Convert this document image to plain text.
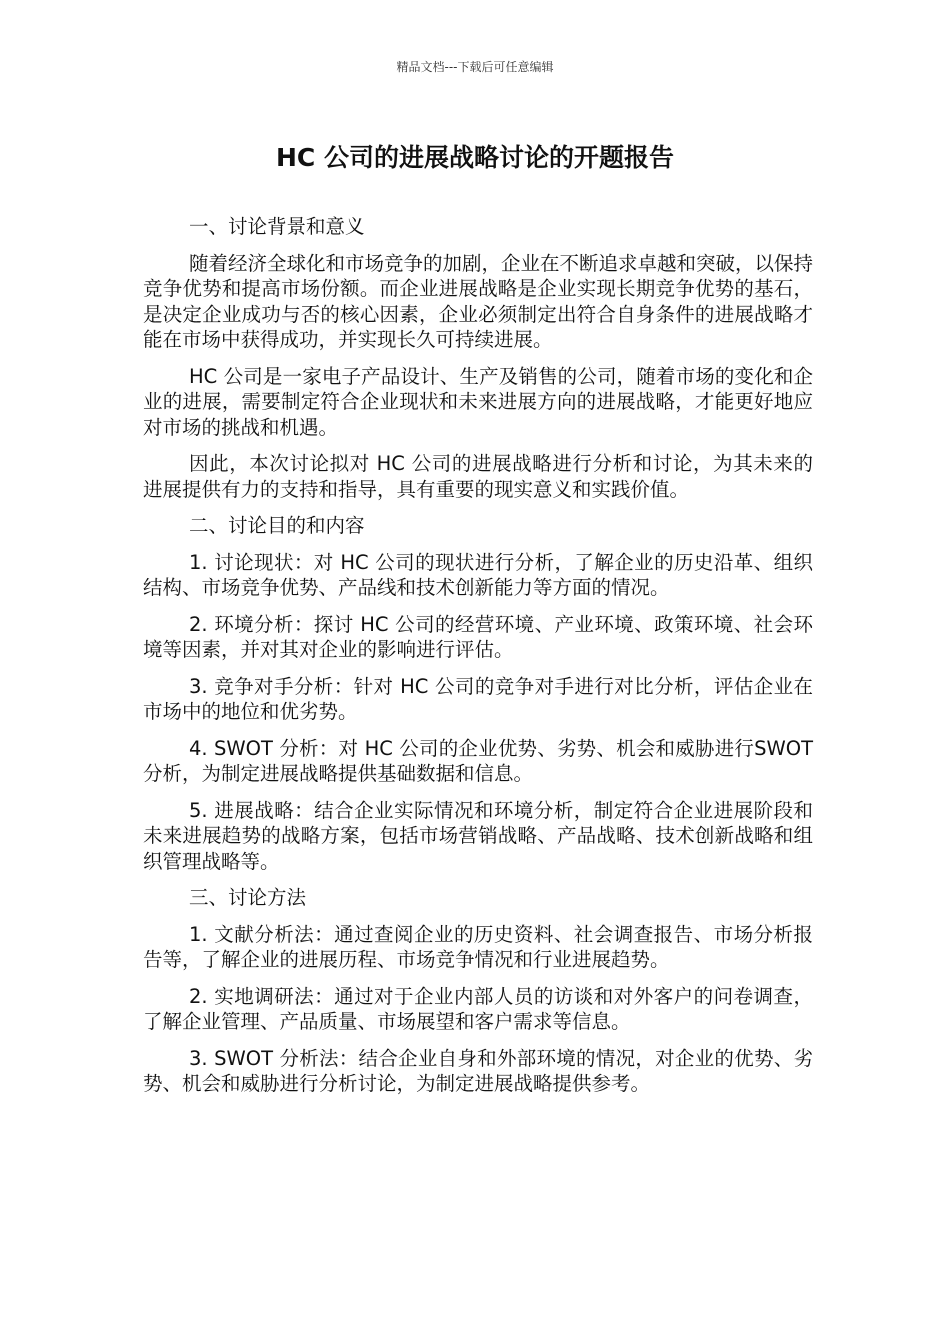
精品文档---下载后可任意编辑
HC 公司的进展战略讨论的开题报告
一、讨论背景和意义

随着经济全球化和市场竞争的加剧，企业在不断追求卓越和突破，以保持竞争优势和提高市场份额。而企业进展战略是企业实现长期竞争优势的基石，是决定企业成功与否的核心因素，企业必须制定出符合自身条件的进展战略才能在市场中获得成功，并实现长久可持续进展。

HC 公司是一家电子产品设计、生产及销售的公司，随着市场的变化和企业的进展，需要制定符合企业现状和未来进展方向的进展战略，才能更好地应对市场的挑战和机遇。

因此，本次讨论拟对 HC 公司的进展战略进行分析和讨论，为其未来的进展提供有力的支持和指导，具有重要的现实意义和实践价值。

二、讨论目的和内容

1. 讨论现状：对 HC 公司的现状进行分析，了解企业的历史沿革、组织结构、市场竞争优势、产品线和技术创新能力等方面的情况。

2. 环境分析：探讨 HC 公司的经营环境、产业环境、政策环境、社会环境等因素，并对其对企业的影响进行评估。

3. 竞争对手分析：针对 HC 公司的竞争对手进行对比分析，评估企业在市场中的地位和优劣势。

4. SWOT 分析：对 HC 公司的企业优势、劣势、机会和威胁进行SWOT 分析，为制定进展战略提供基础数据和信息。

5. 进展战略：结合企业实际情况和环境分析，制定符合企业进展阶段和未来进展趋势的战略方案，包括市场营销战略、产品战略、技术创新战略和组织管理战略等。

三、讨论方法

1. 文献分析法：通过查阅企业的历史资料、社会调查报告、市场分析报告等，了解企业的进展历程、市场竞争情况和行业进展趋势。

2. 实地调研法：通过对于企业内部人员的访谈和对外客户的问卷调查，了解企业管理、产品质量、市场展望和客户需求等信息。

3. SWOT 分析法：结合企业自身和外部环境的情况，对企业的优势、劣势、机会和威胁进行分析讨论，为制定进展战略提供参考。
